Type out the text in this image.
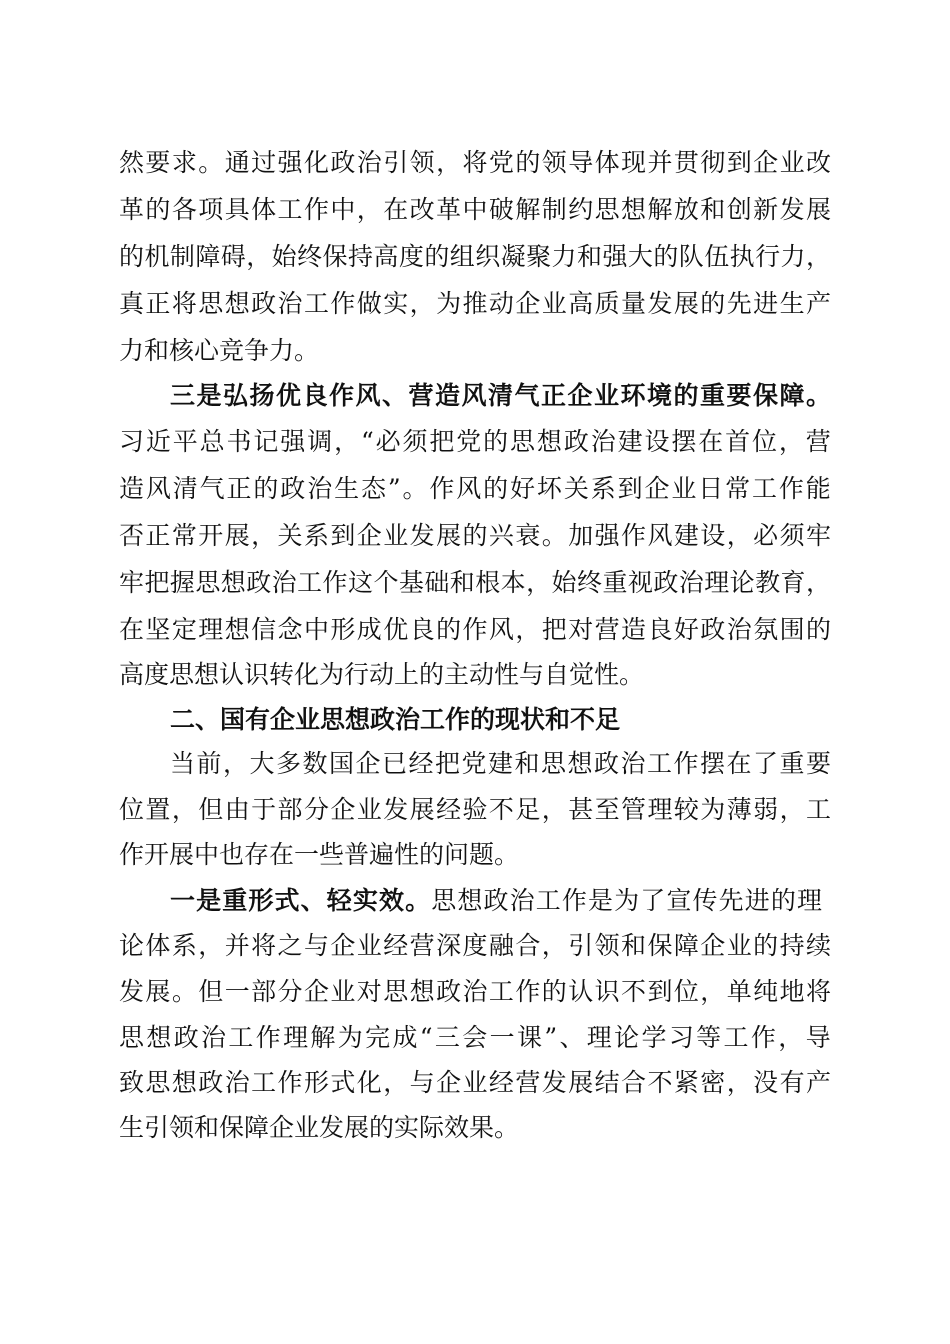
然要求。通过强化政治引领，将党的领导体现并贯彻到企业改
革的各项具体工作中，在改革中破解制约思想解放和创新发展
的机制障碍，始终保持高度的组织凝聚力和强大的队伍执行力，
真正将思想政治工作做实，为推动企业高质量发展的先进生产
力和核心竞争力。
三是弘扬优良作风、营造风清气正企业环境的重要保障。
习近平总书记强调，“必须把党的思想政治建设摆在首位，营
造风清气正的政治生态”。作风的好坏关系到企业日常工作能
否正常开展，关系到企业发展的兴衰。加强作风建设，必须牢
牢把握思想政治工作这个基础和根本，始终重视政治理论教育，
在坚定理想信念中形成优良的作风，把对营造良好政治氛围的
高度思想认识转化为行动上的主动性与自觉性。
二、国有企业思想政治工作的现状和不足
当前，大多数国企已经把党建和思想政治工作摆在了重要
位置，但由于部分企业发展经验不足，甚至管理较为薄弱，工
作开展中也存在一些普遍性的问题。
一是重形式、轻实效。思想政治工作是为了宣传先进的理
论体系，并将之与企业经营深度融合，引领和保障企业的持续
发展。但一部分企业对思想政治工作的认识不到位，单纯地将
思想政治工作理解为完成“三会一课”、理论学习等工作，导
致思想政治工作形式化，与企业经营发展结合不紧密，没有产
生引领和保障企业发展的实际效果。
